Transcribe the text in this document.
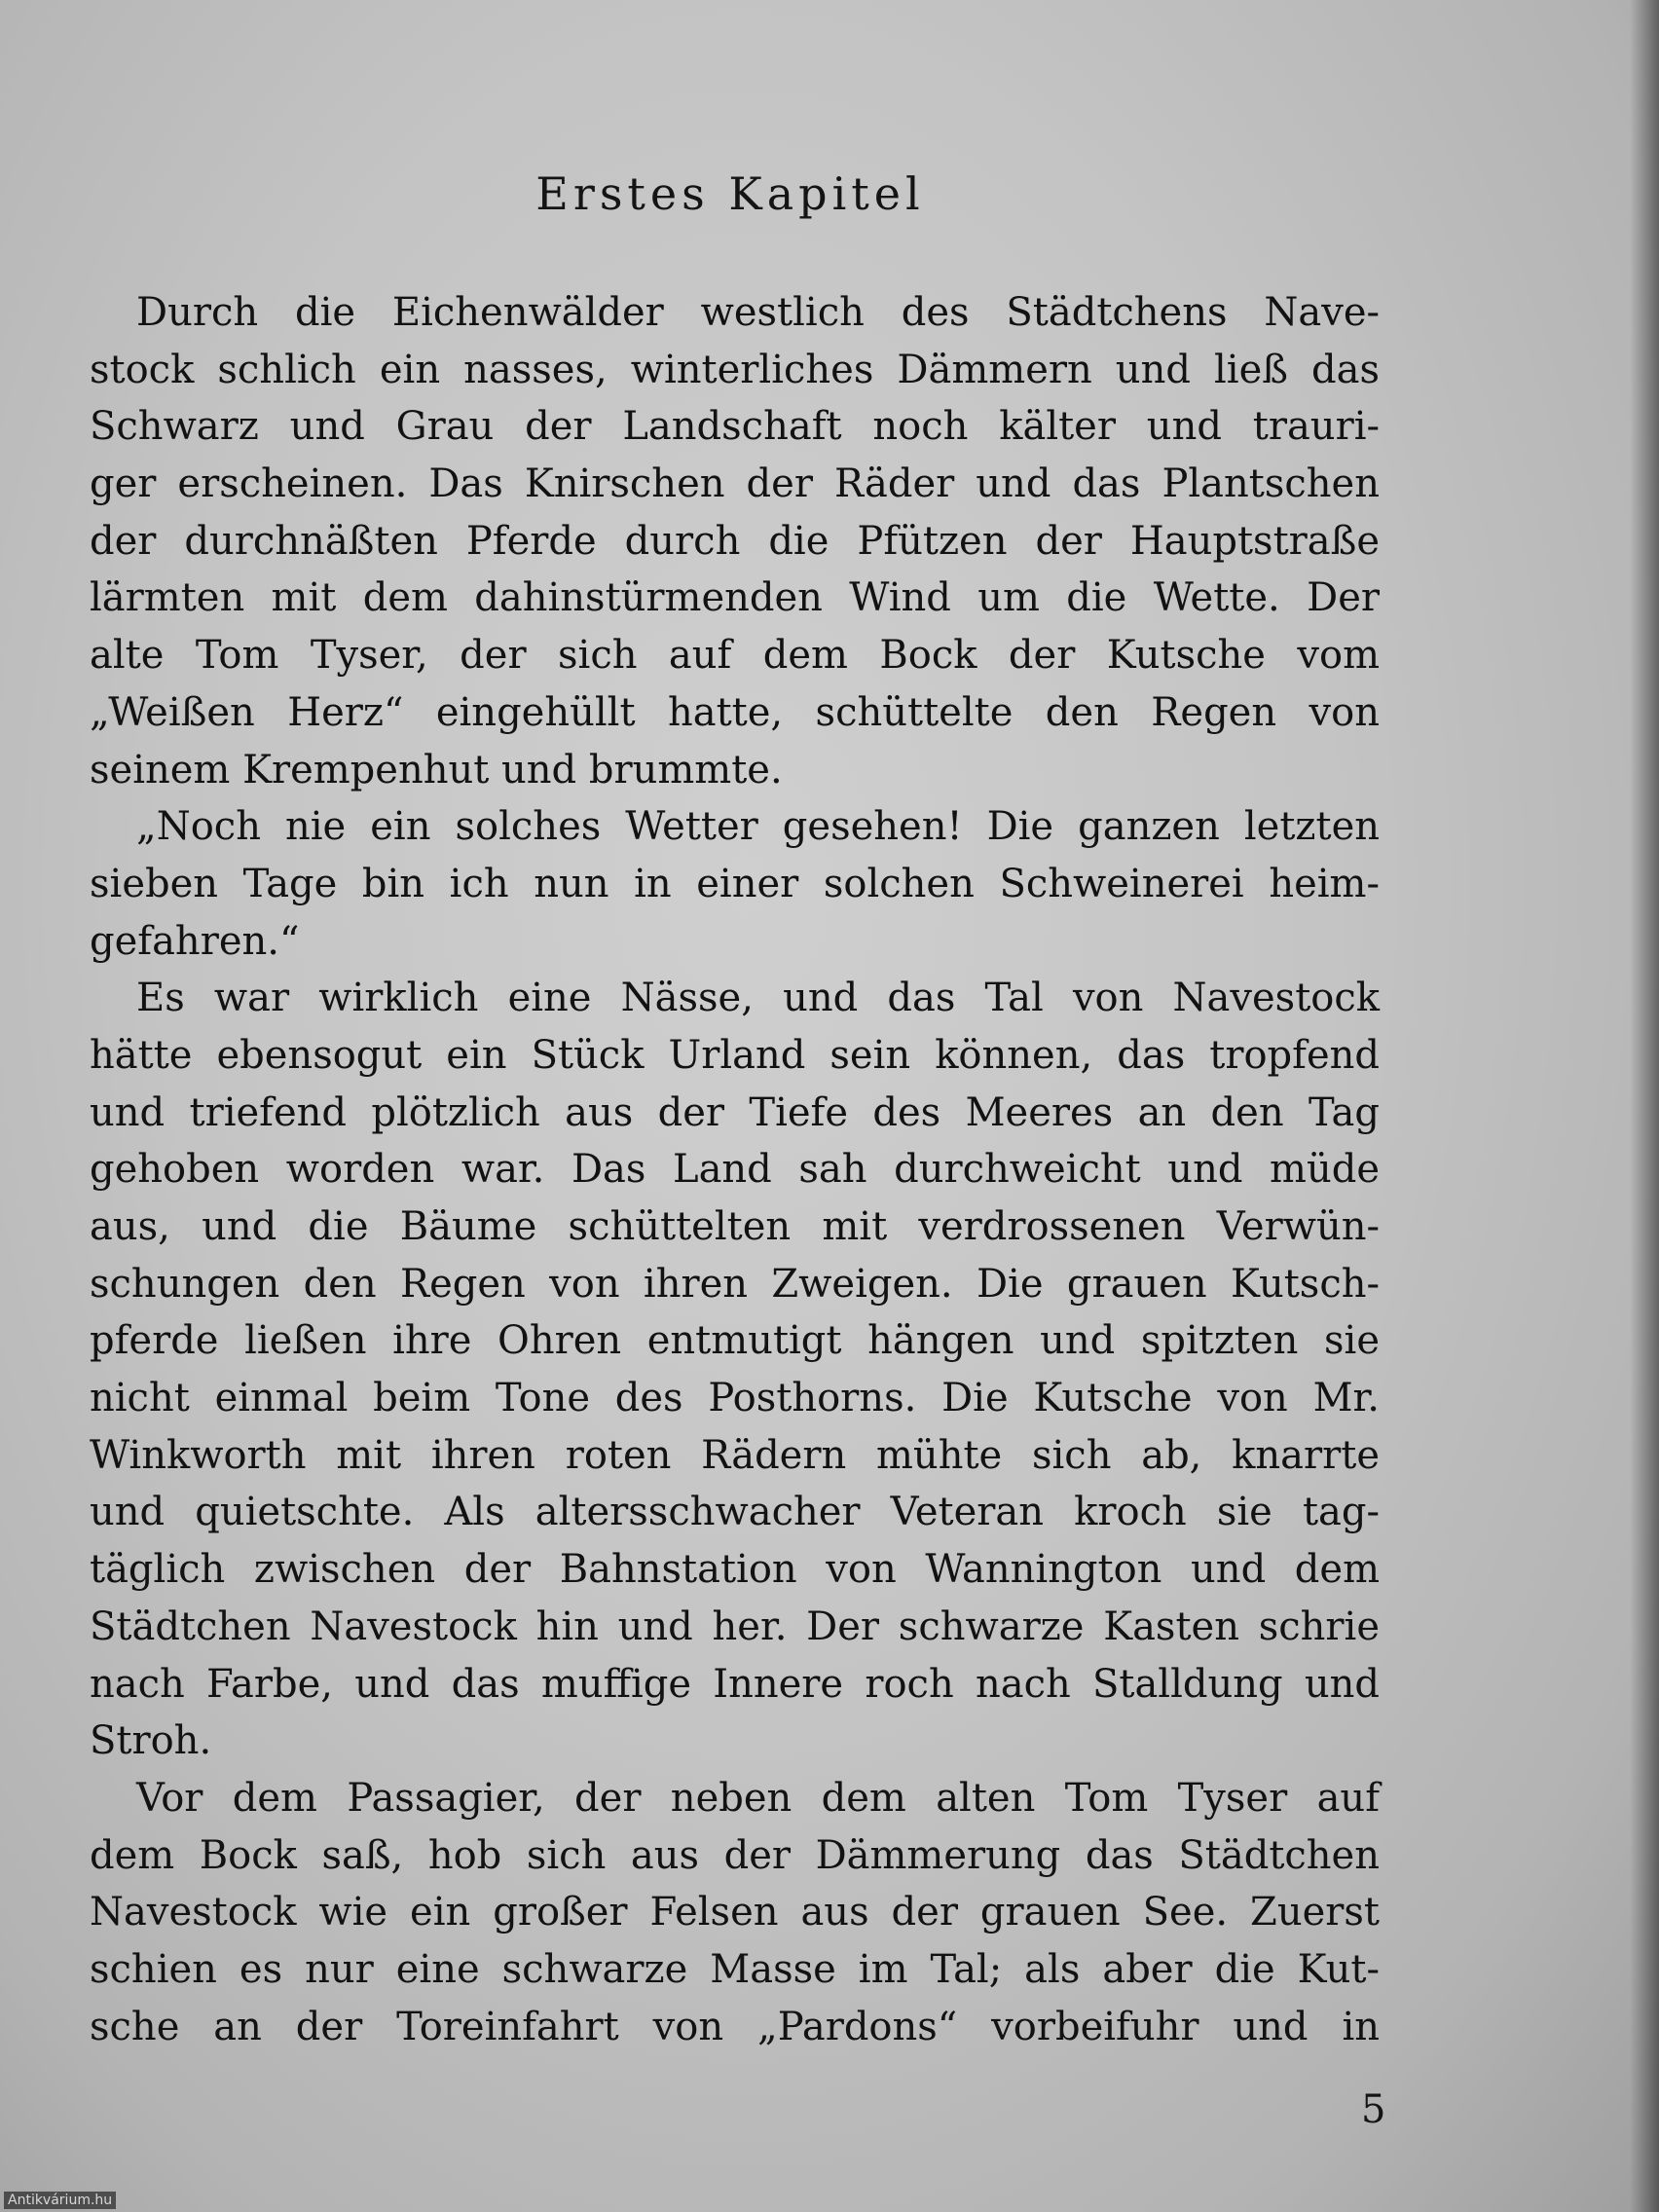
Erstes Kapitel
Durch die Eichenwälder westlich des Städtchens Nave-
stock schlich ein nasses, winterliches Dämmern und ließ das
Schwarz und Grau der Landschaft noch kälter und trauri-
ger erscheinen. Das Knirschen der Räder und das Plantschen
der durchnäßten Pferde durch die Pfützen der Hauptstraße
lärmten mit dem dahinstürmenden Wind um die Wette. Der
alte Tom Tyser, der sich auf dem Bock der Kutsche vom
„Weißen Herz“ eingehüllt hatte, schüttelte den Regen von
seinem Krempenhut und brummte.
„Noch nie ein solches Wetter gesehen! Die ganzen letzten
sieben Tage bin ich nun in einer solchen Schweinerei heim-
gefahren.“
Es war wirklich eine Nässe, und das Tal von Navestock
hätte ebensogut ein Stück Urland sein können, das tropfend
und triefend plötzlich aus der Tiefe des Meeres an den Tag
gehoben worden war. Das Land sah durchweicht und müde
aus, und die Bäume schüttelten mit verdrossenen Verwün-
schungen den Regen von ihren Zweigen. Die grauen Kutsch-
pferde ließen ihre Ohren entmutigt hängen und spitzten sie
nicht einmal beim Tone des Posthorns. Die Kutsche von Mr.
Winkworth mit ihren roten Rädern mühte sich ab, knarrte
und quietschte. Als altersschwacher Veteran kroch sie tag-
täglich zwischen der Bahnstation von Wannington und dem
Städtchen Navestock hin und her. Der schwarze Kasten schrie
nach Farbe, und das muffige Innere roch nach Stalldung und
Stroh.
Vor dem Passagier, der neben dem alten Tom Tyser auf
dem Bock saß, hob sich aus der Dämmerung das Städtchen
Navestock wie ein großer Felsen aus der grauen See. Zuerst
schien es nur eine schwarze Masse im Tal; als aber die Kut-
sche an der Toreinfahrt von „Pardons“ vorbeifuhr und in
5
Antikvárium.hu
